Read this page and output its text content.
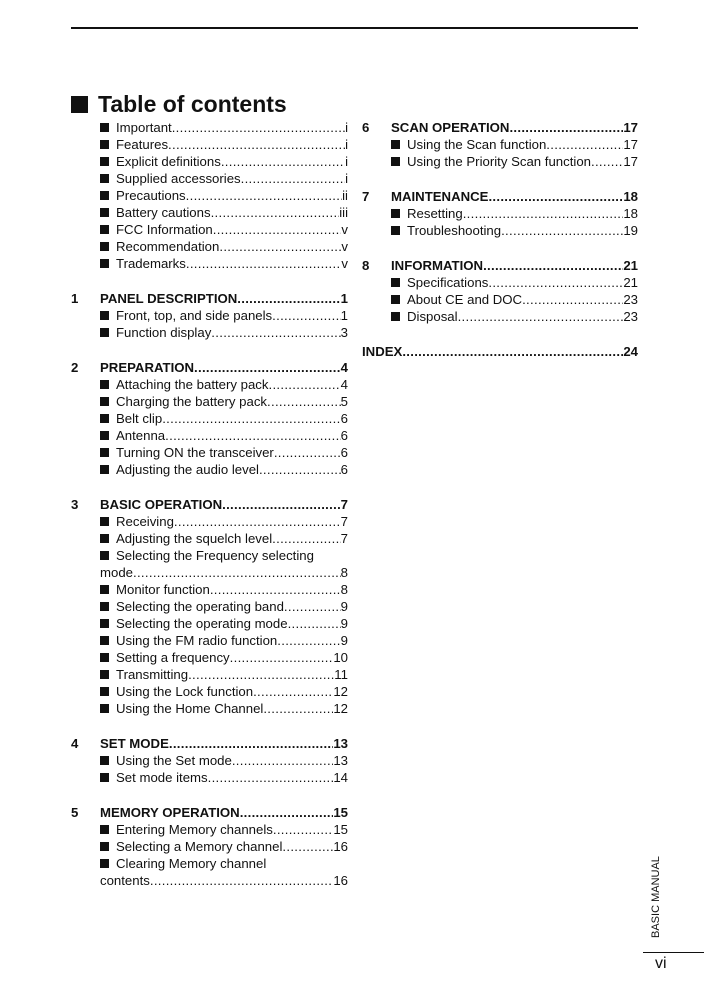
Table of contents
Important .....	i
Features .....	i
Explicit definitions .....	i
Supplied accessories .....	i
Precautions .....	ii
Battery cautions .....	iii
FCC Information .....	v
Recommendation .....	v
Trademarks .....	v
1	PANEL DESCRIPTION .....	1
Front, top, and side panels .....	1
Function display .....	3
2	PREPARATION .....	4
Attaching the battery pack .....	4
Charging the battery pack .....	5
Belt clip .....	6
Antenna .....	6
Turning ON the transceiver .....	6
Adjusting the audio level .....	6
3	BASIC OPERATION .....	7
Receiving .....	7
Adjusting the squelch level .....	7
Selecting the Frequency selecting
mode .....	8
Monitor function .....	8
Selecting the operating band .....	9
Selecting the operating mode .....	9
Using the FM radio function .....	9
Setting a frequency .....	10
Transmitting .....	11
Using the Lock function .....	12
Using the Home Channel .....	12
4	SET MODE .....	13
Using the Set mode .....	13
Set mode items .....	14
5	MEMORY OPERATION .....	15
Entering Memory channels .....	15
Selecting a Memory channel .....	16
Clearing Memory channel
contents .....	16
6	SCAN OPERATION .....	17
Using the Scan function .....	17
Using the Priority Scan function ..... 17
7	MAINTENANCE .....	18
Resetting .....	18
Troubleshooting .....	19
8	INFORMATION .....	21
Specifications .....	21
About CE and DOC .....	23
Disposal .....	23
INDEX .....	24
BASIC MANUAL
vi
